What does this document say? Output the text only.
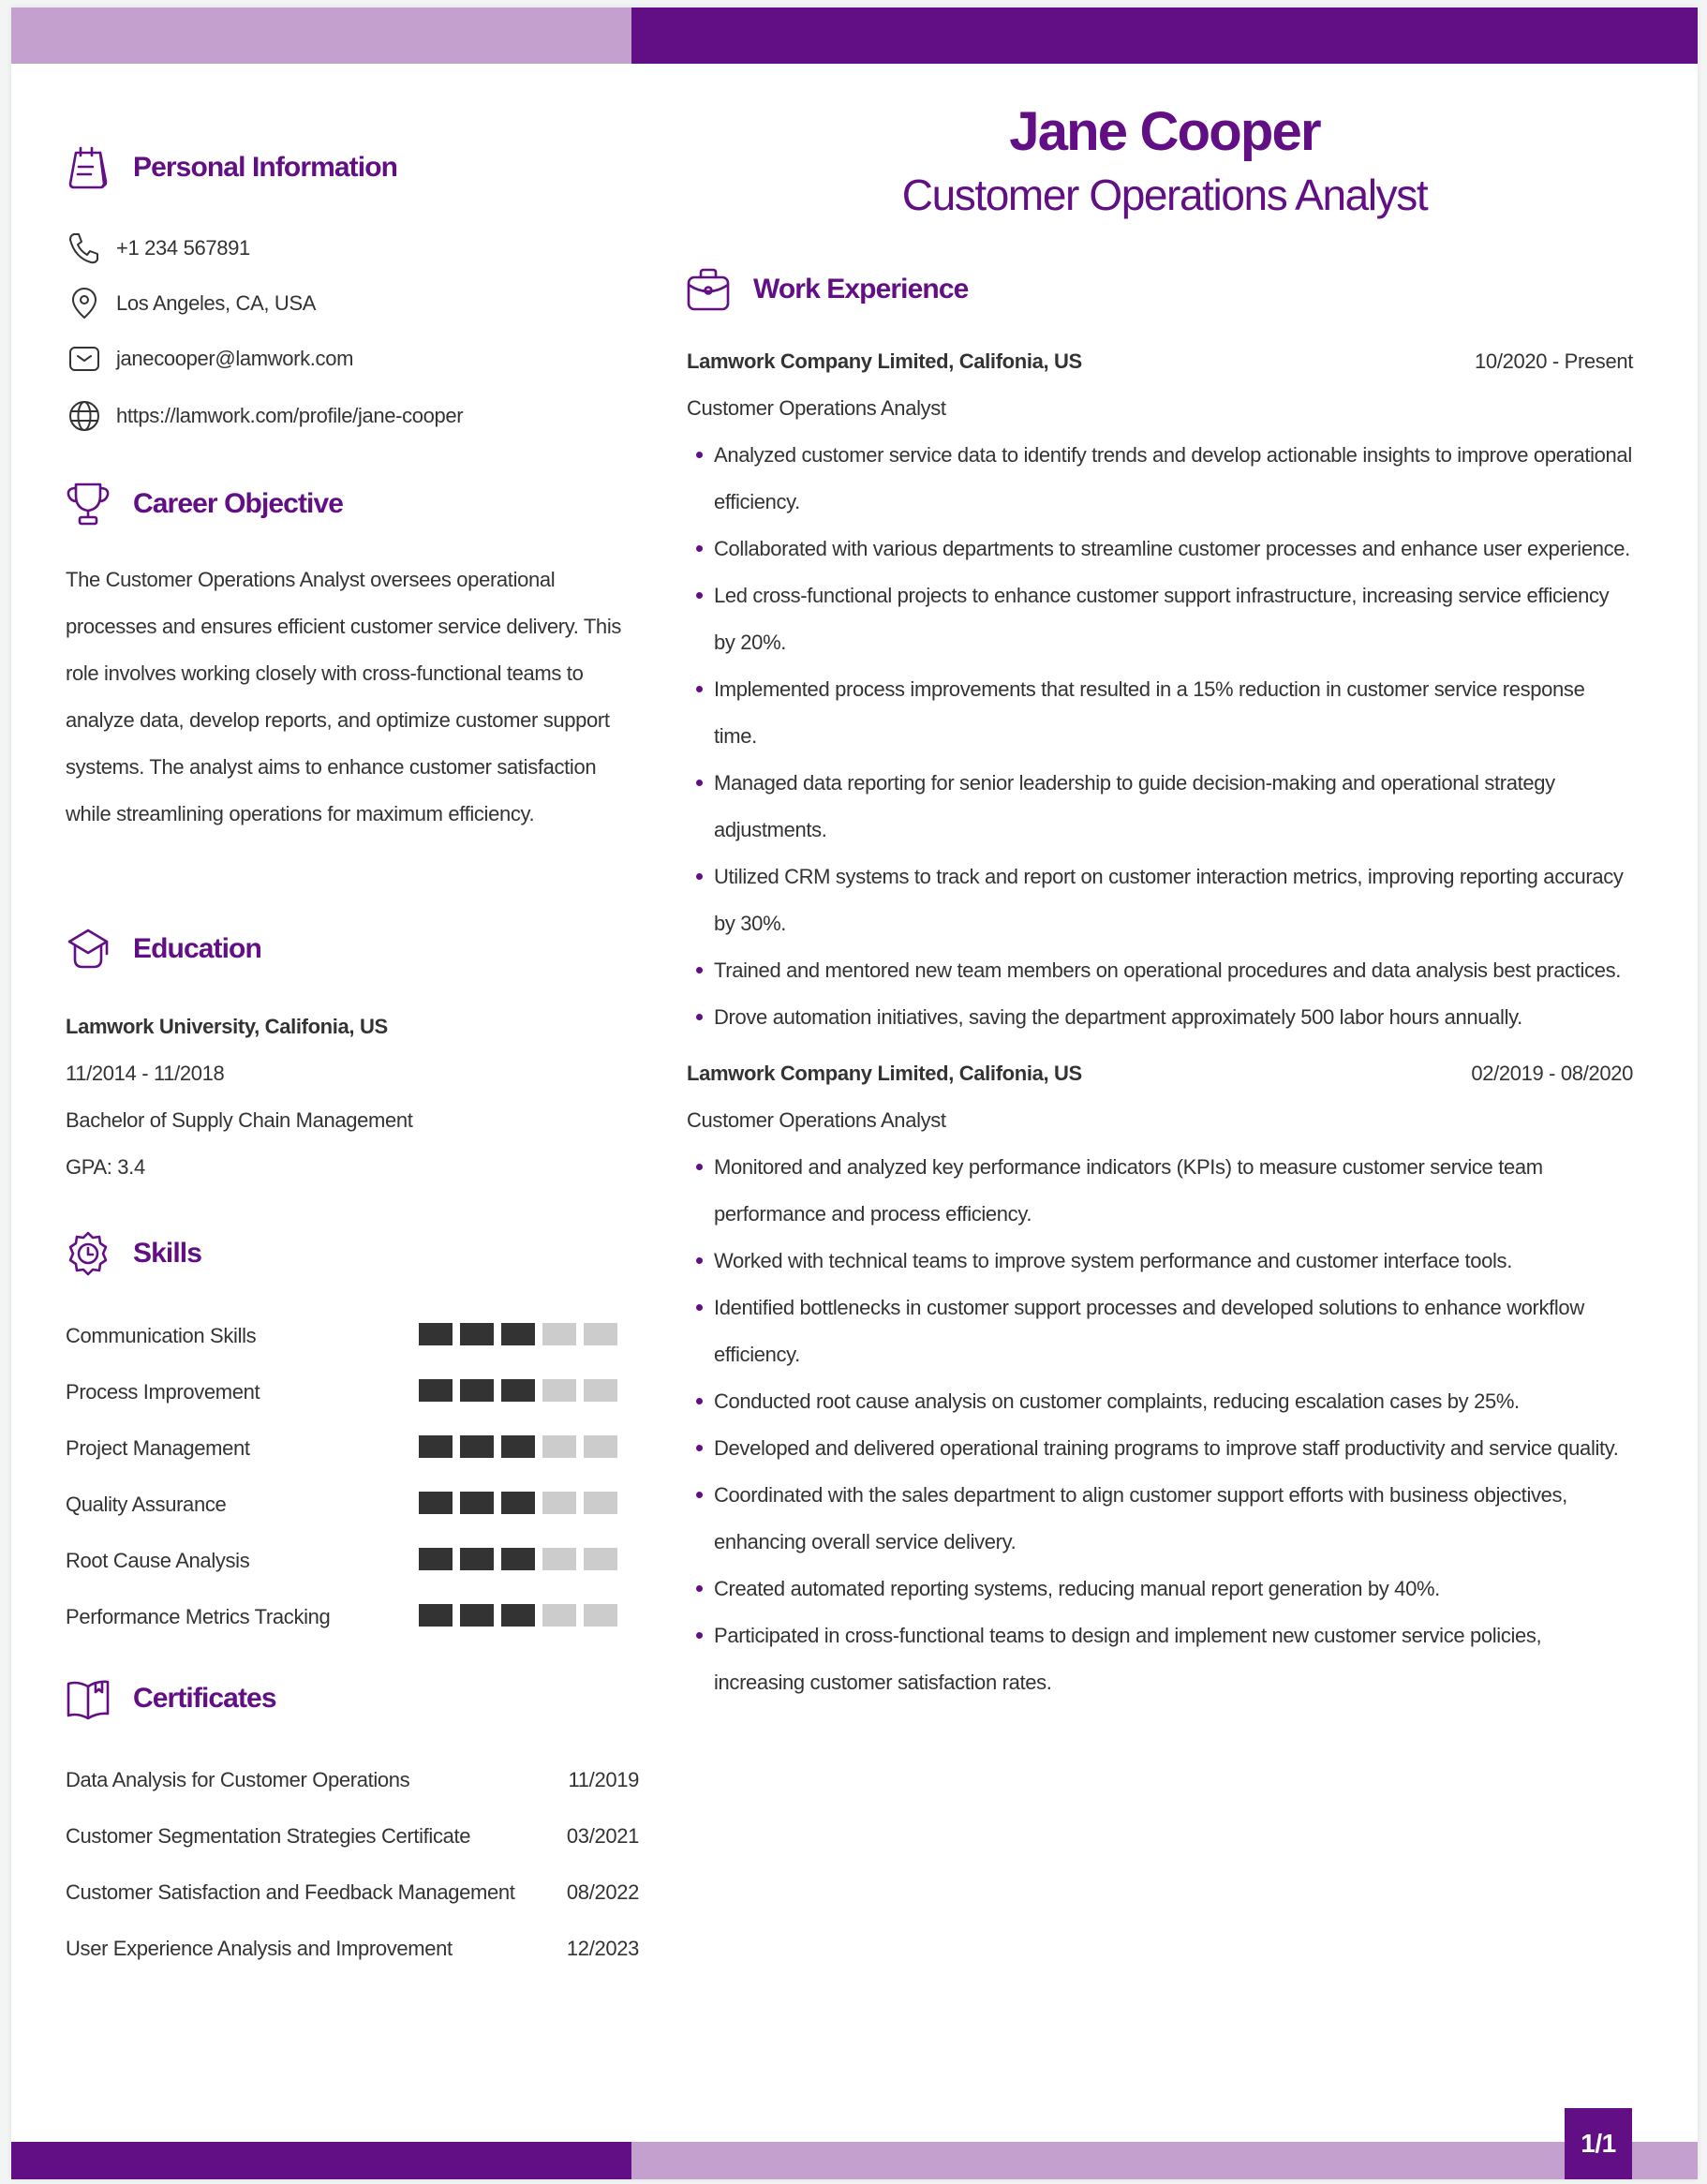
1/1
Personal Information
+1 234 567891
Los Angeles, CA, USA
janecooper@lamwork.com
https://lamwork.com/profile/jane-cooper
Career Objective
The Customer Operations Analyst oversees operational processes and ensures efficient customer service delivery. This role involves working closely with cross-functional teams to analyze data, develop reports, and optimize customer support systems. The analyst aims to enhance customer satisfaction while streamlining operations for maximum efficiency.
Education
Lamwork University, Califonia, US
11/2014 - 11/2018
Bachelor of Supply Chain Management
GPA: 3.4
Skills
Communication Skills
Process Improvement
Project Management
Quality Assurance
Root Cause Analysis
Performance Metrics Tracking
Certificates
Data Analysis for Customer Operations	11/2019
Customer Segmentation Strategies Certificate	03/2021
Customer Satisfaction and Feedback Management	08/2022
User Experience Analysis and Improvement	12/2023
Jane Cooper
Customer Operations Analyst
Work Experience
Lamwork Company Limited, Califonia, US	10/2020 - Present
Customer Operations Analyst
Analyzed customer service data to identify trends and develop actionable insights to improve operational efficiency.
Collaborated with various departments to streamline customer processes and enhance user experience.
Led cross-functional projects to enhance customer support infrastructure, increasing service efficiency by 20%.
Implemented process improvements that resulted in a 15% reduction in customer service response time.
Managed data reporting for senior leadership to guide decision-making and operational strategy adjustments.
Utilized CRM systems to track and report on customer interaction metrics, improving reporting accuracy by 30%.
Trained and mentored new team members on operational procedures and data analysis best practices.
Drove automation initiatives, saving the department approximately 500 labor hours annually.
Lamwork Company Limited, Califonia, US	02/2019 - 08/2020
Customer Operations Analyst
Monitored and analyzed key performance indicators (KPIs) to measure customer service team performance and process efficiency.
Worked with technical teams to improve system performance and customer interface tools.
Identified bottlenecks in customer support processes and developed solutions to enhance workflow efficiency.
Conducted root cause analysis on customer complaints, reducing escalation cases by 25%.
Developed and delivered operational training programs to improve staff productivity and service quality.
Coordinated with the sales department to align customer support efforts with business objectives, enhancing overall service delivery.
Created automated reporting systems, reducing manual report generation by 40%.
Participated in cross-functional teams to design and implement new customer service policies, increasing customer satisfaction rates.
